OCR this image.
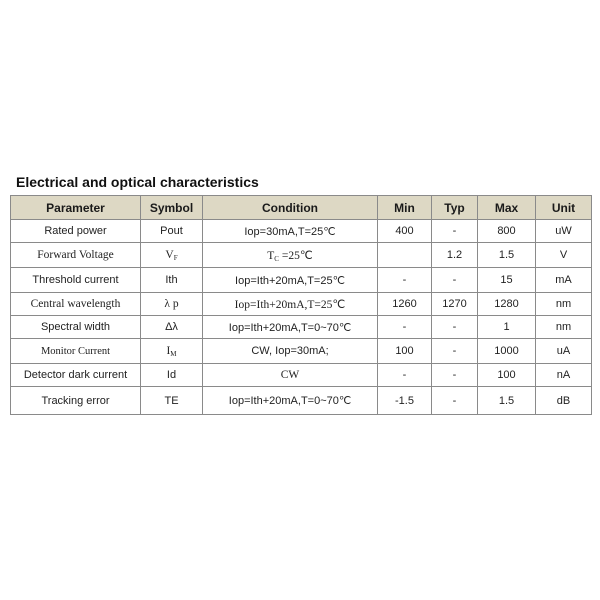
Electrical and optical characteristics
Parameter	Symbol	Condition	Min	Typ	Max	Unit
Rated power	Pout	Iop=30mA,T=25℃	400	-	800	uW
Forward Voltage	$V_F$	$T_C$ =25℃		1.2	1.5	V
Threshold current	Ith	Iop=Ith+20mA,T=25℃	-	-	15	mA
Central wavelength	λ p	Iop=Ith+20mA,T=25℃	1260	1270	1280	nm
Spectral width	Δλ	Iop=Ith+20mA,T=0~70℃	-	-	1	nm
Monitor Current	$I_M$	CW, Iop=30mA;	100	-	1000	uA
Detector dark current	Id	CW	-	-	100	nA
Tracking error	TE	Iop=Ith+20mA,T=0~70℃	-1.5	-	1.5	dB
